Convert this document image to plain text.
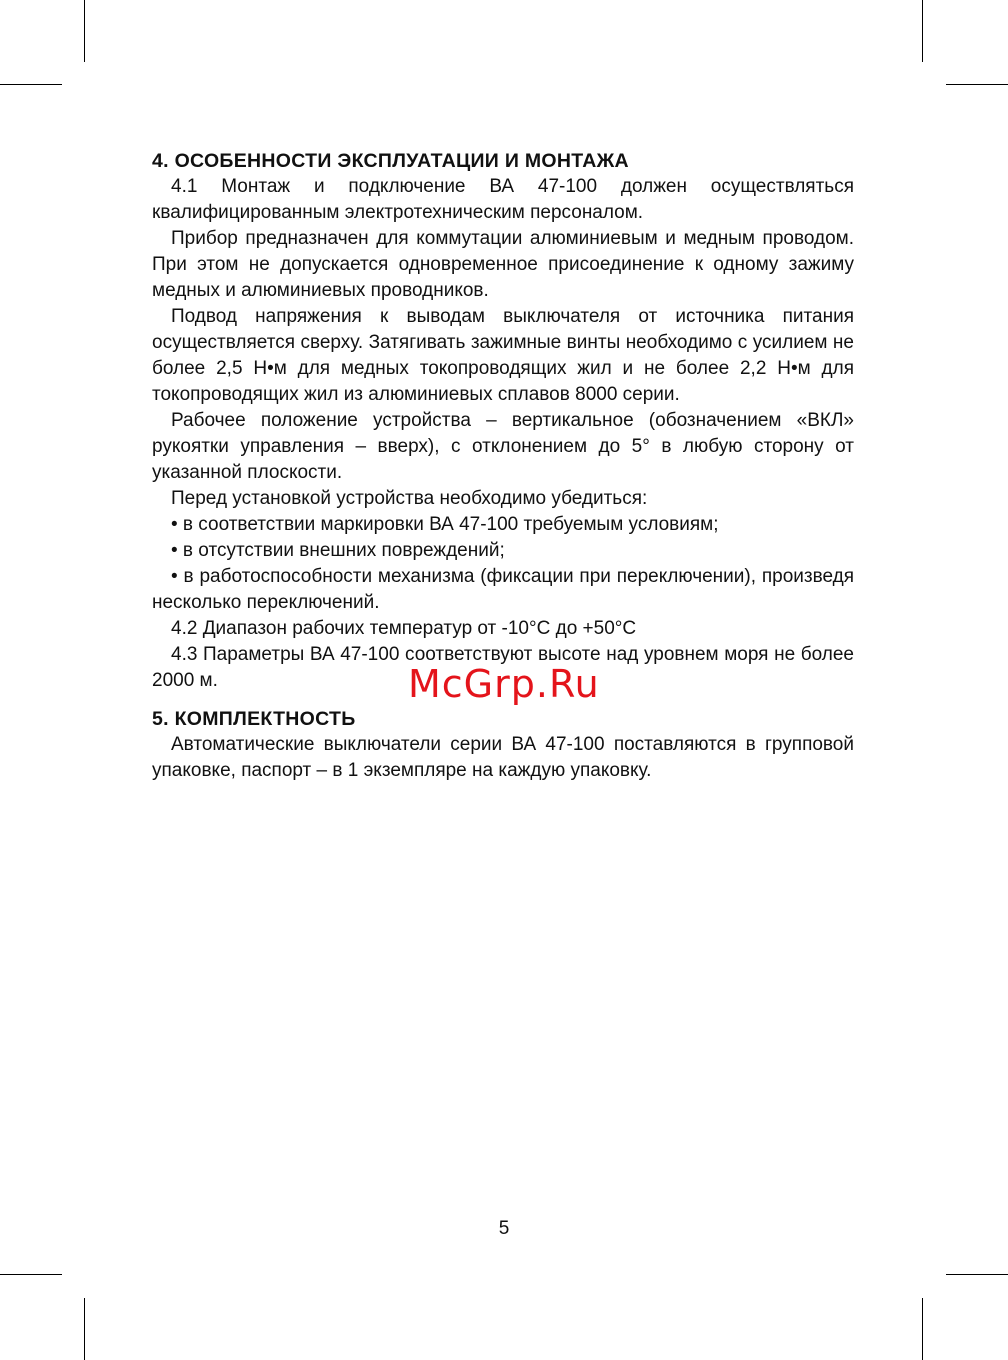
4. ОСОБЕННОСТИ ЭКСПЛУАТАЦИИ И МОНТАЖА

4.1 Монтаж и подключение ВА 47-100 должен осуществляться квалифицированным электротехническим персоналом.

Прибор предназначен для коммутации алюминиевым и медным проводом. При этом не допускается одновременное присоединение к одному зажиму медных и алюминиевых проводников.

Подвод напряжения к выводам выключателя от источника питания осуществляется сверху. Затягивать зажимные винты необходимо с усилием не более 2,5 Н•м для медных токопроводящих жил и не более 2,2 Н•м для токопроводящих жил из алюминиевых сплавов 8000 серии.

Рабочее положение устройства – вертикальное (обозначением «ВКЛ» рукоятки управления – вверх), с отклонением до 5° в любую сторону от указанной плоскости.

Перед установкой устройства необходимо убедиться:

• в соответствии маркировки ВА 47-100 требуемым условиям;

• в отсутствии внешних повреждений;

• в работоспособности механизма (фиксации при переключении), произведя несколько переключений.

4.2 Диапазон рабочих температур от -10°С до +50°С

4.3 Параметры ВА 47-100 соответствуют высоте над уровнем моря не более 2000 м.

5. КОМПЛЕКТНОСТЬ

Автоматические выключатели серии ВА 47-100 поставляются в групповой упаковке, паспорт – в 1 экземпляре на каждую упаковку.

McGrp.Ru
5
